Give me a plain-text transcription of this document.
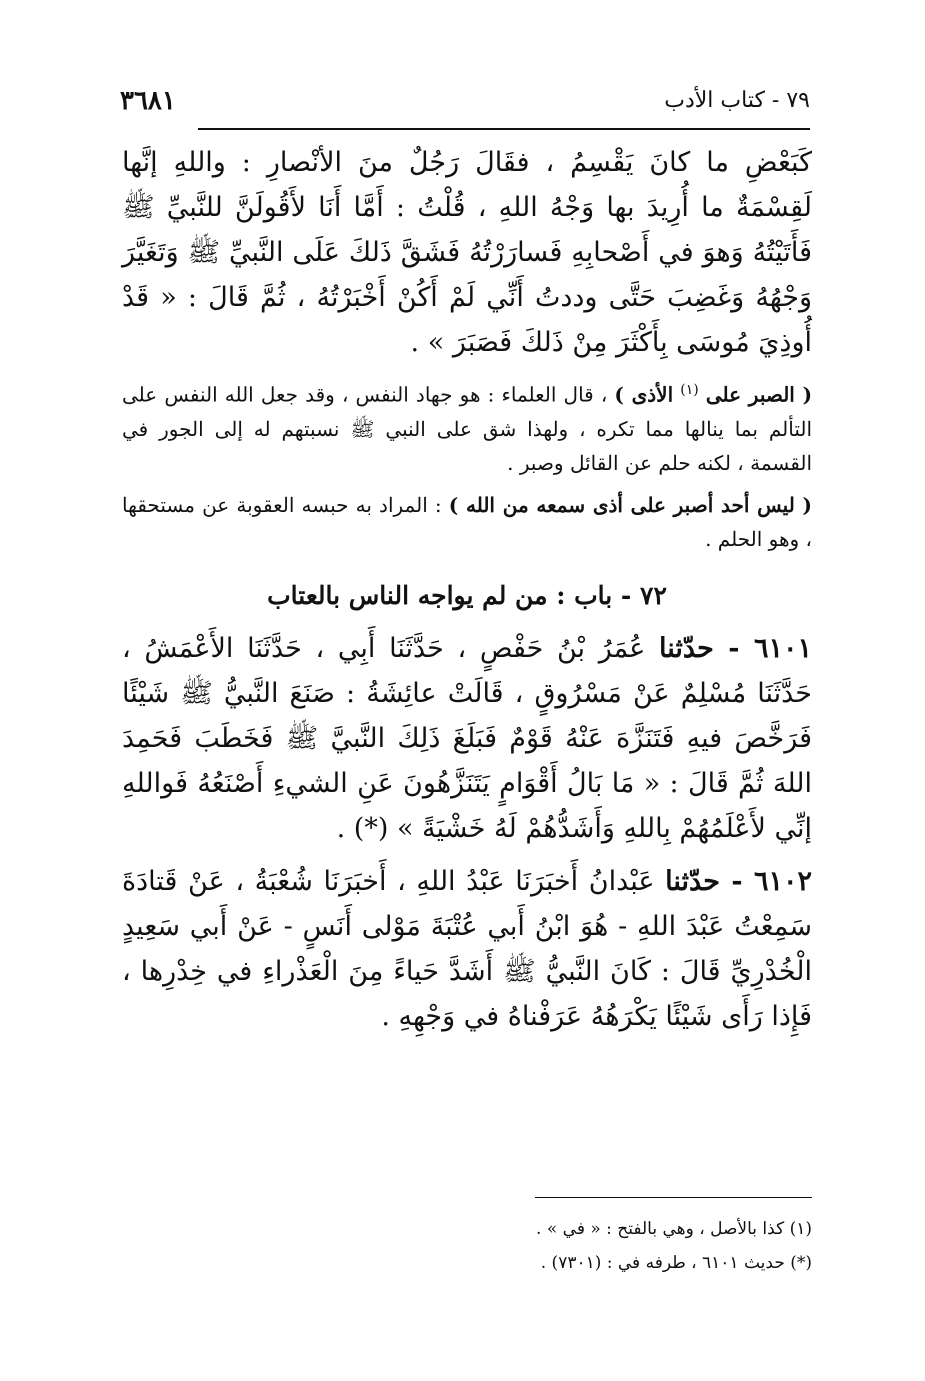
٧٩ - كتاب الأدب
٣٦٨١

كَبَعْضِ ما كانَ يَقْسِمُ ، فقَالَ رَجُلٌ منَ الأنْصارِ : واللهِ إنَّها لَقِسْمَةٌ ما أُرِيدَ بها وَجْهُ اللهِ ، قُلْتُ : أَمَّا أَنَا لأَقُولَنَّ للنَّبيِّ ﷺ فَأَتَيْتُهُ وَهوَ في أَصْحابِهِ فَسارَرْتُهُ فَشَقَّ ذَلكَ عَلَى النَّبيِّ ﷺ وَتَغَيَّرَ وَجْهُهُ وَغَضِبَ حَتَّى وددتُ أَنِّي لَمْ أَكُنْ أَخْبَرْتُهُ ، ثُمَّ قَالَ : « قَدْ أُوذِيَ مُوسَى بِأَكْثَرَ مِنْ ذَلكَ فَصَبَرَ » .

( الصبر على $^{(١)}$ الأذى ) ، قال العلماء : هو جهاد النفس ، وقد جعل الله النفس على التألم بما ينالها مما تكره ، ولهذا شق على النبي ﷺ نسبتهم له إلى الجور في القسمة ، لكنه حلم عن القائل وصبر .

( ليس أحد أصبر على أذى سمعه من الله ) : المراد به حبسه العقوبة عن مستحقها ، وهو الحلم .

٧٢ - باب : من لم يواجه الناس بالعتاب

٦١٠١ - حدّثنا عُمَرُ بْنُ حَفْصٍ ، حَدَّثَنَا أَبِي ، حَدَّثَنَا الأَعْمَشُ ، حَدَّثَنَا مُسْلِمٌ عَنْ مَسْرُوقٍ ، قَالَتْ عائِشَةُ : صَنَعَ النَّبيُّ ﷺ شَيْئًا فَرَخَّصَ فيهِ فَتَنَزَّهَ عَنْهُ قَوْمٌ فَبَلَغَ ذَلِكَ النَّبيَّ ﷺ فَخَطَبَ فَحَمِدَ اللهَ ثُمَّ قَالَ : « مَا بَالُ أَقْوَامٍ يَتَنَزَّهُونَ عَنِ الشيءِ أَصْنَعُهُ فَواللهِ إنِّي لأَعْلَمُهُمْ بِاللهِ وَأَشَدُّهُمْ لَهُ خَشْيَةً » (*) .

٦١٠٢ - حدّثنا عَبْدانُ أَخبَرَنَا عَبْدُ اللهِ ، أَخبَرَنَا شُعْبَةُ ، عَنْ قَتادَةَ سَمِعْتُ عَبْدَ اللهِ - هُوَ ابْنُ أَبي عُتْبَةَ مَوْلى أَنَسٍ - عَنْ أَبي سَعِيدٍ الْخُدْرِيِّ قَالَ : كَانَ النَّبيُّ ﷺ أَشَدَّ حَياءً مِنَ الْعَذْراءِ في خِدْرِها ، فَإِذا رَأَى شَيْئًا يَكْرَهُهُ عَرَفْناهُ في وَجْهِهِ .

(١) كذا بالأصل ، وهي بالفتح : « في » .

(*) حديث ٦١٠١ ، طرفه في : (٧٣٠١) .
